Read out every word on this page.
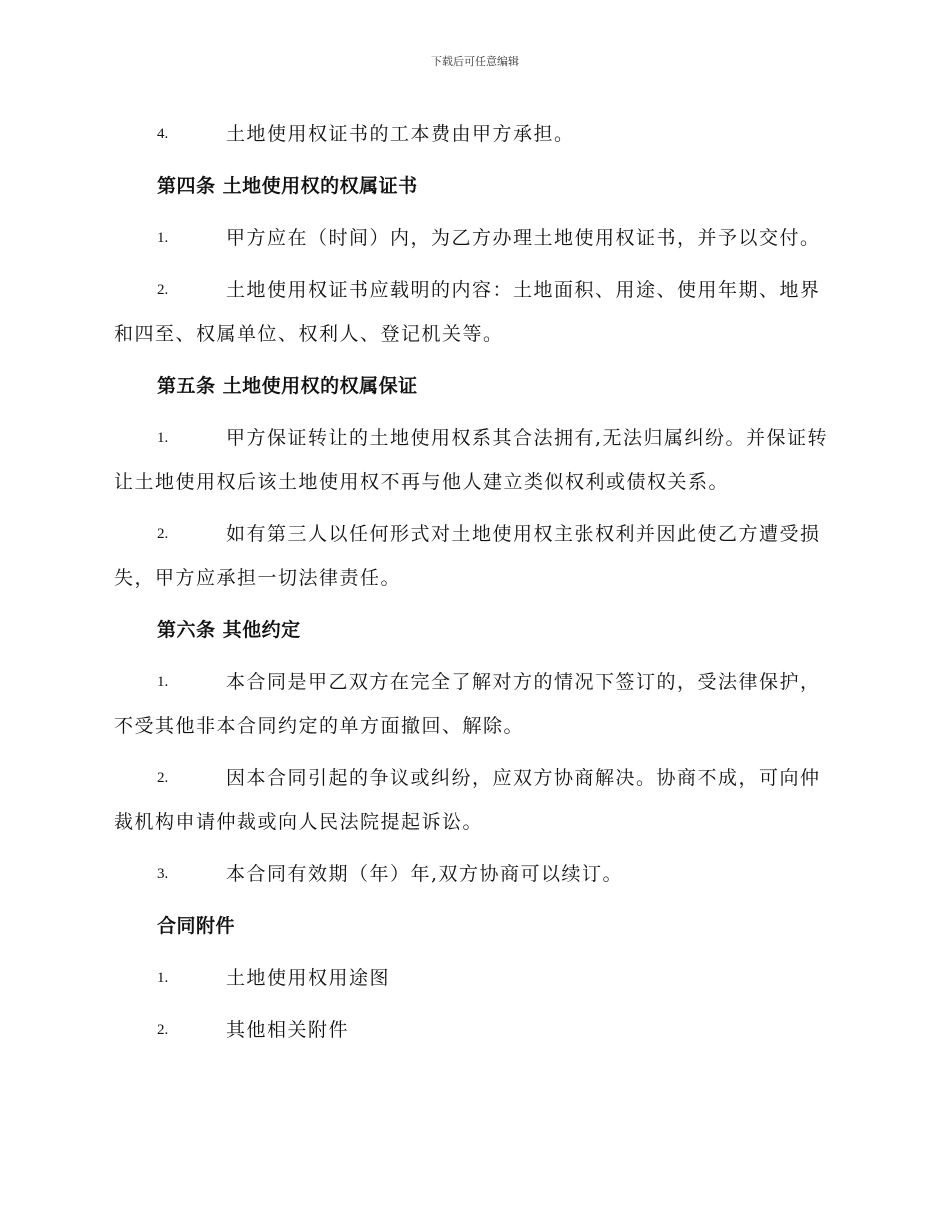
下载后可任意编辑
4.	土地使用权证书的工本费由甲方承担。
第四条 土地使用权的权属证书
1.	甲方应在（时间）内，为乙方办理土地使用权证书，并予以交付。
2.	土地使用权证书应载明的内容：土地面积、用途、使用年期、地界和四至、权属单位、权利人、登记机关等。
第五条 土地使用权的权属保证
1.	甲方保证转让的土地使用权系其合法拥有,无法归属纠纷。并保证转让土地使用权后该土地使用权不再与他人建立类似权利或债权关系。
2.	如有第三人以任何形式对土地使用权主张权利并因此使乙方遭受损失，甲方应承担一切法律责任。
第六条 其他约定
1.	本合同是甲乙双方在完全了解对方的情况下签订的，受法律保护，不受其他非本合同约定的单方面撤回、解除。
2.	因本合同引起的争议或纠纷，应双方协商解决。协商不成，可向仲裁机构申请仲裁或向人民法院提起诉讼。
3.	本合同有效期（年）年,双方协商可以续订。
合同附件
1.	土地使用权用途图
2.	其他相关附件
